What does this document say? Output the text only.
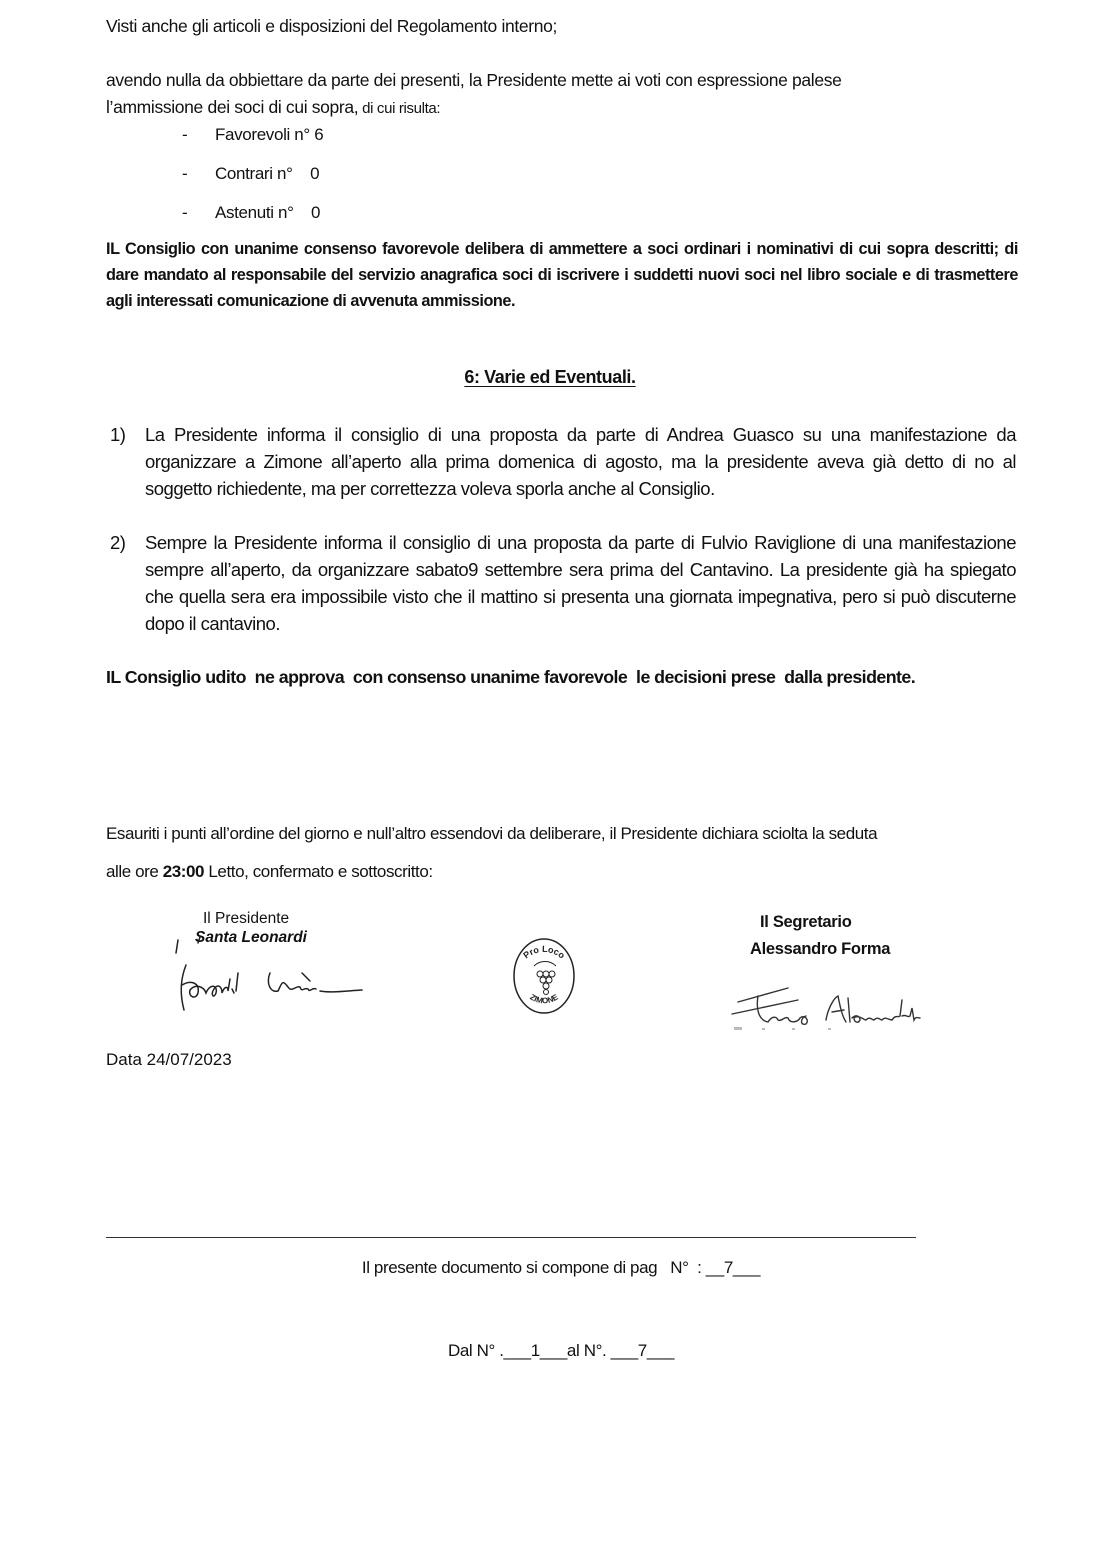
Visti anche gli articoli e disposizioni del Regolamento interno;
avendo nulla da obbiettare da parte dei presenti, la Presidente mette ai voti con espressione palese
l’ammissione dei soci di cui sopra, di cui risulta:
- Favorevoli n° 6
- Contrari n°    0
- Astenuti n°    0
IL Consiglio con unanime consenso favorevole delibera di ammettere a soci ordinari i nominativi di cui sopra descritti; di dare mandato al responsabile del servizio anagrafica soci di iscrivere i suddetti nuovi soci nel libro sociale e di trasmettere agli interessati comunicazione di avvenuta ammissione.
6: Varie ed Eventuali.
1) La Presidente informa il consiglio di una proposta da parte di Andrea Guasco su una manifestazione da organizzare a Zimone all’aperto alla prima domenica di agosto, ma la presidente aveva già detto di no al soggetto richiedente, ma per correttezza voleva sporla anche al Consiglio.
2) Sempre la Presidente informa il consiglio di una proposta da parte di Fulvio Raviglione di una manifestazione sempre all’aperto, da organizzare sabato9 settembre sera prima del Cantavino. La presidente già ha spiegato che quella sera era impossibile visto che il mattino si presenta una giornata impegnativa, pero si può discuterne dopo il cantavino.
IL Consiglio udito  ne approva  con consenso unanime favorevole  le decisioni prese  dalla presidente.
Esauriti i punti all’ordine del giorno e null’altro essendovi da deliberare, il Presidente dichiara sciolta la seduta
alle ore 23:00 Letto, confermato e sottoscritto:
Il Presidente
Santa Leonardi
Pro Loco
ZIMONE
Il Segretario
Alessandro Forma
Data 24/07/2023
Il presente documento si compone di pag   N°  : __7___
Dal N° .___1___al N°. ___7___
